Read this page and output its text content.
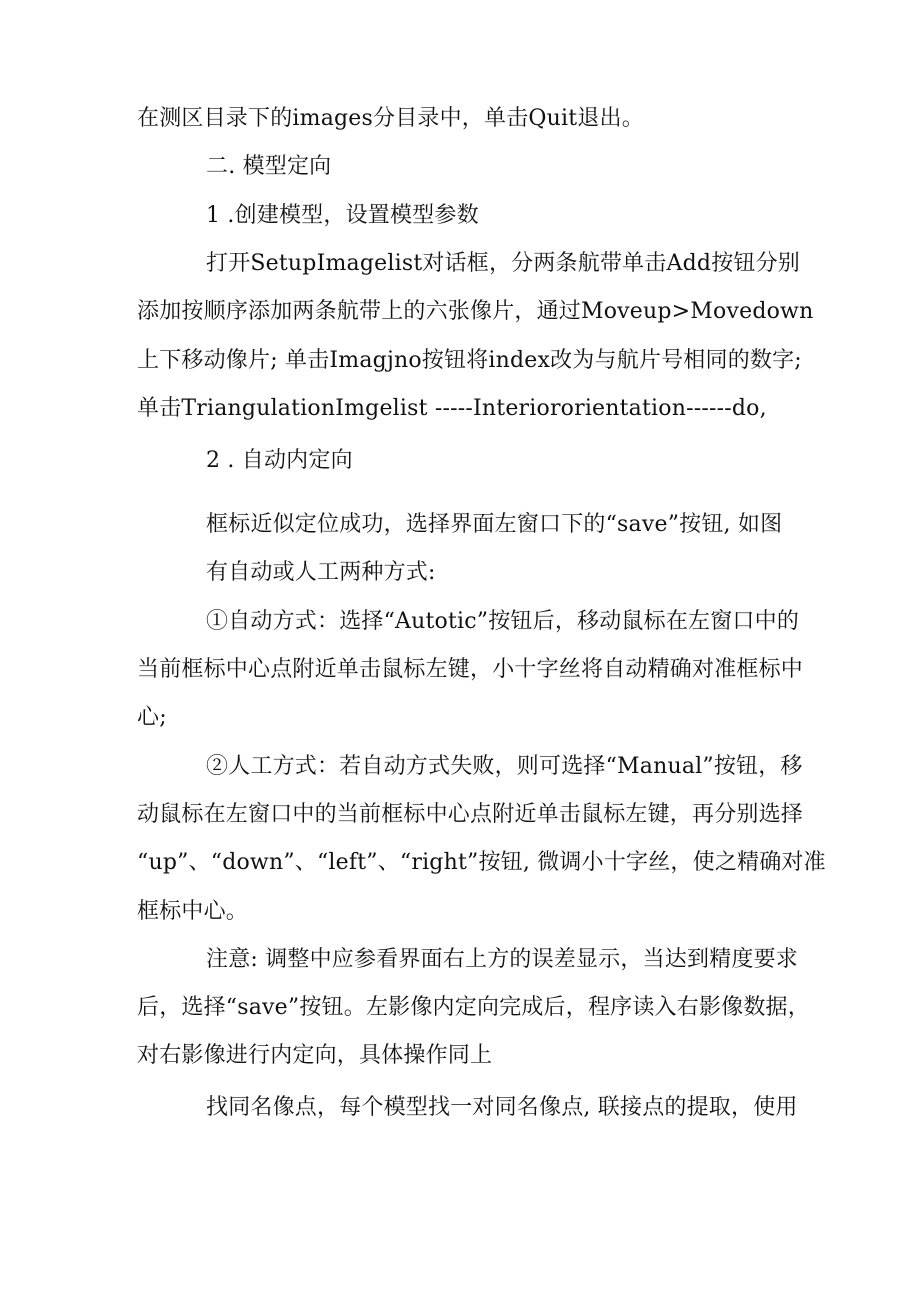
在测区目录下的images分目录中，单击Quit退出。
二. 模型定向
1 .创建模型，设置模型参数
打开SetupImagelist对话框，分两条航带单击Add按钮分别
添加按顺序添加两条航带上的六张像片，通过Moveup>Movedown
上下移动像片; 单击Imagjno按钮将index改为与航片号相同的数字;
单击TriangulationImgelist -----Interiororientation------do,
2 . 自动内定向
框标近似定位成功，选择界面左窗口下的“save”按钮, 如图
有自动或人工两种方式:
①自动方式：选择“Autotic”按钮后，移动鼠标在左窗口中的
当前框标中心点附近单击鼠标左键，小十字丝将自动精确对准框标中
心;
②人工方式：若自动方式失败，则可选择“Manual”按钮，移
动鼠标在左窗口中的当前框标中心点附近单击鼠标左键，再分别选择
“up”、“down”、“left”、“right”按钮, 微调小十字丝，使之精确对准
框标中心。
注意: 调整中应参看界面右上方的误差显示，当达到精度要求
后，选择“save”按钮。左影像内定向完成后，程序读入右影像数据，
对右影像进行内定向，具体操作同上
找同名像点，每个模型找一对同名像点, 联接点的提取，使用
